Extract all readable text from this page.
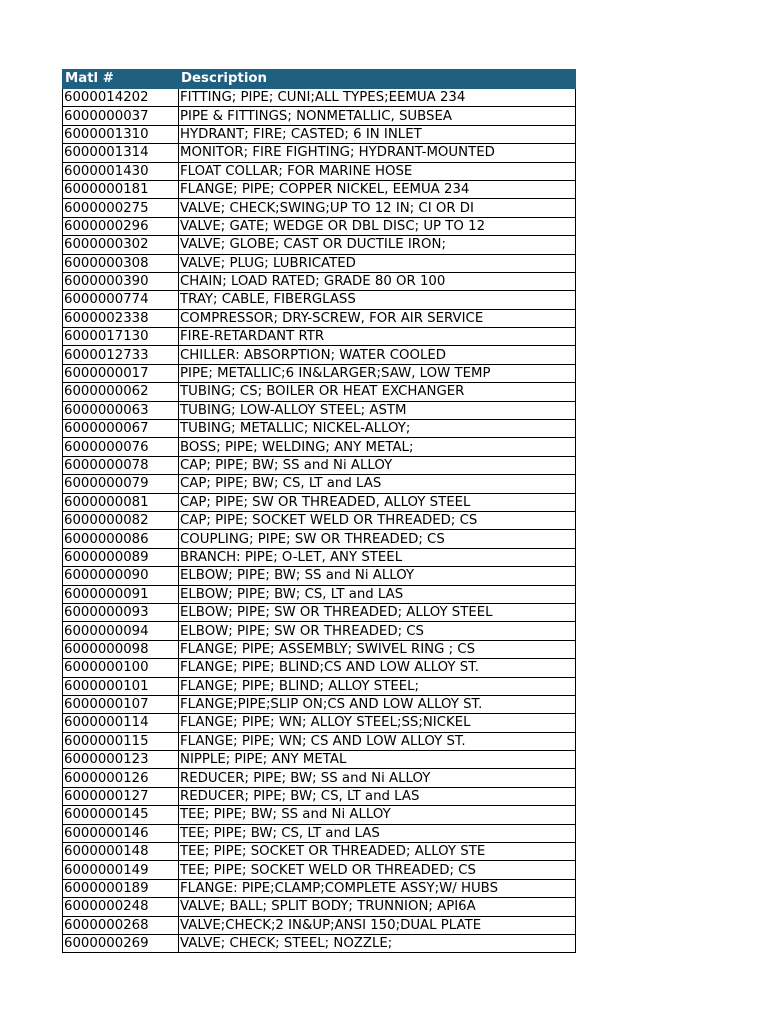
Matl #	Description
6000014202	FITTING; PIPE; CUNI;ALL TYPES;EEMUA 234
6000000037	PIPE & FITTINGS; NONMETALLIC, SUBSEA
6000001310	HYDRANT; FIRE; CASTED; 6 IN INLET
6000001314	MONITOR; FIRE FIGHTING; HYDRANT-MOUNTED
6000001430	FLOAT COLLAR; FOR MARINE HOSE
6000000181	FLANGE; PIPE; COPPER NICKEL, EEMUA 234
6000000275	VALVE; CHECK;SWING;UP TO 12 IN; CI OR DI
6000000296	VALVE; GATE; WEDGE OR DBL DISC; UP TO 12
6000000302	VALVE; GLOBE; CAST OR DUCTILE IRON;
6000000308	VALVE; PLUG; LUBRICATED
6000000390	CHAIN; LOAD RATED; GRADE 80 OR 100
6000000774	TRAY; CABLE, FIBERGLASS
6000002338	COMPRESSOR; DRY-SCREW, FOR AIR SERVICE
6000017130	FIRE-RETARDANT RTR
6000012733	CHILLER: ABSORPTION; WATER COOLED
6000000017	PIPE; METALLIC;6 IN&LARGER;SAW, LOW TEMP
6000000062	TUBING; CS; BOILER OR HEAT EXCHANGER
6000000063	TUBING; LOW-ALLOY STEEL; ASTM
6000000067	TUBING; METALLIC; NICKEL-ALLOY;
6000000076	BOSS; PIPE; WELDING; ANY METAL;
6000000078	CAP; PIPE; BW; SS and Ni ALLOY
6000000079	CAP; PIPE; BW; CS, LT and LAS
6000000081	CAP; PIPE; SW OR THREADED, ALLOY STEEL
6000000082	CAP; PIPE; SOCKET WELD OR THREADED; CS
6000000086	COUPLING; PIPE; SW OR THREADED; CS
6000000089	BRANCH: PIPE; O-LET, ANY STEEL
6000000090	ELBOW; PIPE; BW; SS and Ni ALLOY
6000000091	ELBOW; PIPE; BW; CS, LT and LAS
6000000093	ELBOW; PIPE; SW OR THREADED; ALLOY STEEL
6000000094	ELBOW; PIPE; SW OR THREADED; CS
6000000098	FLANGE; PIPE; ASSEMBLY; SWIVEL RING ; CS
6000000100	FLANGE; PIPE; BLIND;CS AND LOW ALLOY ST.
6000000101	FLANGE; PIPE; BLIND; ALLOY STEEL;
6000000107	FLANGE;PIPE;SLIP ON;CS AND LOW ALLOY ST.
6000000114	FLANGE; PIPE; WN; ALLOY STEEL;SS;NICKEL
6000000115	FLANGE; PIPE; WN; CS AND LOW ALLOY ST.
6000000123	NIPPLE; PIPE; ANY METAL
6000000126	REDUCER; PIPE; BW; SS and Ni ALLOY
6000000127	REDUCER; PIPE; BW; CS, LT and LAS
6000000145	TEE; PIPE; BW; SS and Ni ALLOY
6000000146	TEE; PIPE; BW; CS, LT and LAS
6000000148	TEE; PIPE; SOCKET OR THREADED; ALLOY STE
6000000149	TEE; PIPE; SOCKET WELD OR THREADED; CS
6000000189	FLANGE: PIPE;CLAMP;COMPLETE ASSY;W/ HUBS
6000000248	VALVE; BALL; SPLIT BODY; TRUNNION; API6A
6000000268	VALVE;CHECK;2 IN&UP;ANSI 150;DUAL PLATE
6000000269	VALVE; CHECK; STEEL; NOZZLE;
